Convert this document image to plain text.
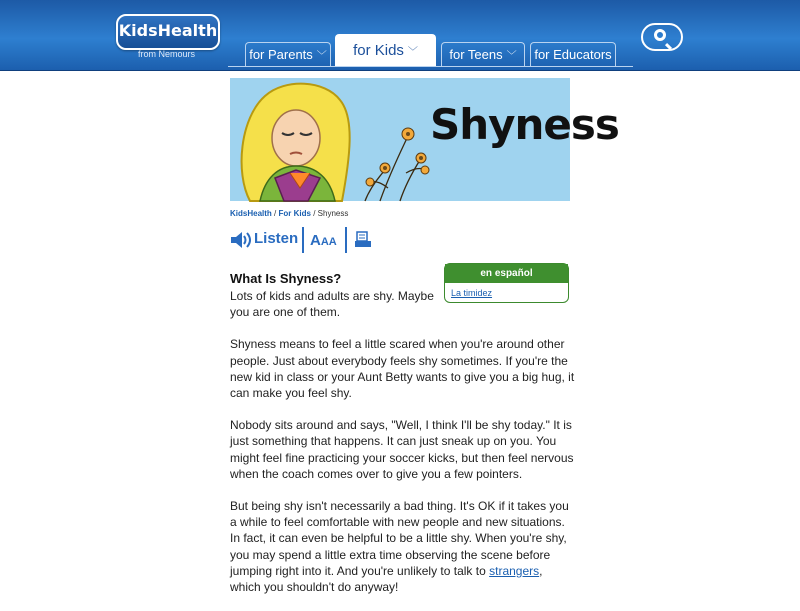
KidsHealth
from Nemours	for Parents ﹀	for Kids ﹀	for Teens ﹀	for Educators
Shyness
KidsHealth / For Kids / Shyness
Listen AAA
en español
La timidez
What Is Shyness?

Lots of kids and adults are shy. Maybe you are one of them.

Shyness means to feel a little scared when you're around other people. Just about everybody feels shy sometimes. If you're the new kid in class or your Aunt Betty wants to give you a big hug, it can make you feel shy.

Nobody sits around and says, "Well, I think I'll be shy today." It is just something that happens. It can just sneak up on you. You might feel fine practicing your soccer kicks, but then feel nervous when the coach comes over to give you a few pointers.

But being shy isn't necessarily a bad thing. It's OK if it takes you a while to feel comfortable with new people and new situations. In fact, it can even be helpful to be a little shy. When you're shy, you may spend a little extra time observing the scene before jumping right into it. And you're unlikely to talk to strangers, which you shouldn't do anyway!
